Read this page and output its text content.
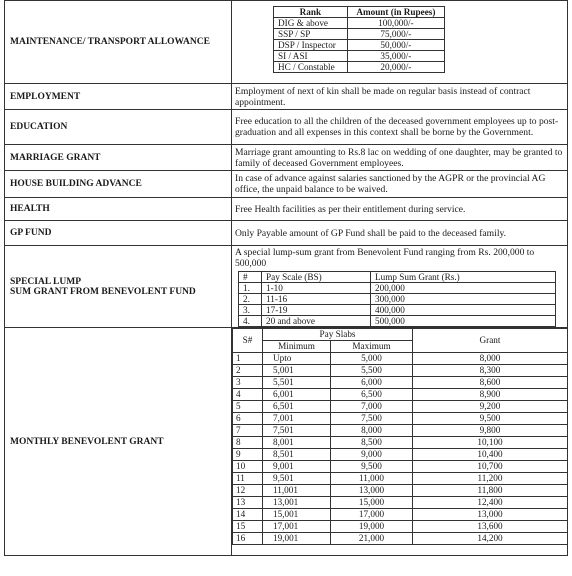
MAINTENANCE/ TRANSPORT ALLOWANCE	
Rank	Amount (in Rupees)
DIG & above	100,000/-
SSP / SP	75,000/-
DSP / Inspector	50,000/-
SI / ASI	35,000/-
HC / Constable	20,000/-

EMPLOYMENT	Employment of next of kin shall be made on regular basis instead of contract appointment.
EDUCATION	Free education to all the children of the deceased government employees up to post-graduation and all expenses in this context shall be borne by the Government.
MARRIAGE GRANT	Marriage grant amounting to Rs.8 lac on wedding of one daughter, may be granted to family of deceased Government employees.
HOUSE BUILDING ADVANCE	In case of advance against salaries sanctioned by the AGPR or the provincial AG office, the unpaid balance to be waived.
HEALTH	Free Health facilities as per their entitlement during service.
GP FUND	Only Payable amount of GP Fund shall be paid to the deceased family.

SPECIAL LUMP
SUM GRANT FROM BENEVOLENT FUND

A special lump-sum grant from Benevolent Fund ranging from Rs. 200,000 to 500,000
#	Pay Scale (BS)	Lump Sum Grant (Rs.)
1.	1-10	200,000
2.	11-16	300,000
3.	17-19	400,000
4.	20 and above	500,000

MONTHLY BENEVOLENT GRANT	
S#	Pay Slabs	Grant
Minimum	Maximum
1	Upto	5,000	8,000
2	5,001	5,500	8,300
3	5,501	6,000	8,600
4	6,001	6,500	8,900
5	6,501	7,000	9,200
6	7,001	7,500	9,500
7	7,501	8,000	9,800
8	8,001	8,500	10,100
9	8,501	9,000	10,400
10	9,001	9,500	10,700
11	9,501	11,000	11,200
12	11,001	13,000	11,800
13	13,001	15,000	12,400
14	15,001	17,000	13,000
15	17,001	19,000	13,600
16	19,001	21,000	14,200
